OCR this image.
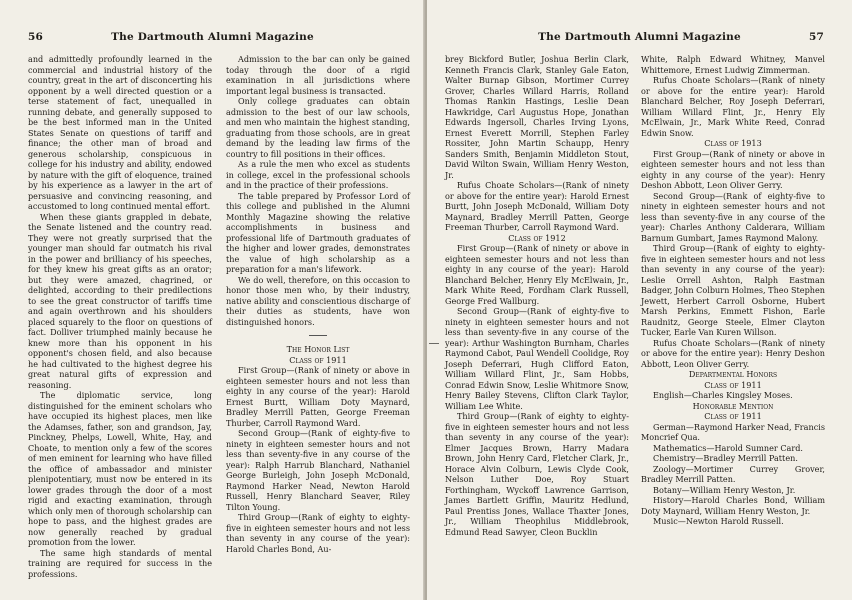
56	The Dartmouth Alumni Magazine

and admittedly profoundly learned in the commercial and industrial history of the country, great in the art of disconcerting his opponent by a well directed question or a terse statement of fact, unequalled in running debate, and generally supposed to be the best informed man in the United States Senate on questions of tariff and finance; the other man of broad and generous scholarship, conspicuous in college for his industry and ability, endowed by nature with the gift of eloquence, trained by his experience as a lawyer in the art of persuasive and convincing reasoning, and accustomed to long continued mental effort.

When these giants grappled in debate, the Senate listened and the country read. They were not greatly surprised that the younger man should far outmatch his rival in the power and brilliancy of his speeches, for they knew his great gifts as an orator; but they were amazed, chagrined, or delighted, according to their predilections to see the great constructor of tariffs time and again overthrown and his shoulders placed squarely to the floor on questions of fact. Dolliver triumphed mainly because he knew more than his opponent in his opponent's chosen field, and also because he had cultivated to the highest degree his great natural gifts of expression and reasoning.

The diplomatic service, long distinguished for the eminent scholars who have occupied its highest places, men like the Adamses, father, son and grandson, Jay, Pinckney, Phelps, Lowell, White, Hay, and Choate, to mention only a few of the scores of men eminent for learning who have filled the office of ambassador and minister plenipotentiary, must now be entered in its lower grades through the door of a most rigid and exacting examination, through which only men of thorough scholarship can hope to pass, and the highest grades are now generally reached by gradual promotion from the lower.

The same high standards of mental training are required for success in the professions.

Admission to the bar can only be gained today through the door of a rigid examination in all jurisdictions where important legal business is transacted.

Only college graduates can obtain admission to the best of our law schools, and men who maintain the highest standing, graduating from those schools, are in great demand by the leading law firms of the country to fill positions in their offices.

As a rule the men who excel as students in college, excel in the professional schools and in the practice of their professions.

The table prepared by Professor Lord of this college and published in the Alumni Monthly Magazine showing the relative accomplishments in business and professional life of Dartmouth graduates of the higher and lower grades, demonstrates the value of high scholarship as a preparation for a man's lifework.

We do well, therefore, on this occasion to honor those men who, by their industry, native ability and conscientious discharge of their duties as students, have won distinguished honors.

The Honor List

Class of 1911

First Group—(Rank of ninety or above in eighteen semester hours and not less than eighty in any course of the year): Harold Ernest Burtt, William Doty Maynard, Bradley Merrill Patten, George Freeman Thurber, Carroll Raymond Ward.

Second Group—(Rank of eighty-five to ninety in eighteen semester hours and not less than seventy-five in any course of the year): Ralph Harrub Blanchard, Nathaniel George Burleigh, John Joseph McDonald, Raymond Harker Nead, Newton Harold Russell, Henry Blanchard Seaver, Riley Tilton Young.

Third Group—(Rank of eighty to eighty-five in eighteen semester hours and not less than seventy in any course of the year): Harold Charles Bond, Au-

The Dartmouth Alumni Magazine	57

brey Bickford Butler, Joshua Berlin Clark, Kenneth Francis Clark, Stanley Gale Eaton, Walter Burnap Gibson, Mortimer Currey Grover, Charles Willard Harris, Rolland Thomas Rankin Hastings, Leslie Dean Hawkridge, Carl Augustus Hope, Jonathan Edwards Ingersoll, Charles Irving Lyons, Ernest Everett Morrill, Stephen Farley Rossiter, John Martin Schaupp, Henry Sanders Smith, Benjamin Middleton Stout, David Wilton Swain, William Henry Weston, Jr.

Rufus Choate Scholars—(Rank of ninety or above for the entire year): Harold Ernest Burtt, John Joseph McDonald, William Doty Maynard, Bradley Merrill Patten, George Freeman Thurber, Carroll Raymond Ward.

Class of 1912

First Group—(Rank of ninety or above in eighteen semester hours and not less than eighty in any course of the year): Harold Blanchard Belcher, Henry Ely McElwain, Jr., Mark White Reed, Fordham Clark Russell, George Fred Wallburg.

Second Group—(Rank of eighty-five to ninety in eighteen semester hours and not less than seventy-five in any course of the year): Arthur Washington Burnham, Charles Raymond Cabot, Paul Wendell Coolidge, Roy Joseph Deferrari, Hugh Clifford Eaton, William Willard Flint, Jr., Sam Hobbs, Conrad Edwin Snow, Leslie Whitmore Snow, Henry Bailey Stevens, Clifton Clark Taylor, William Lee White.

Third Group—(Rank of eighty to eighty-five in eighteen semester hours and not less than seventy in any course of the year): Elmer Jacques Brown, Harry Madara Brown, John Henry Card, Fletcher Clark, Jr., Horace Alvin Colburn, Lewis Clyde Cook, Nelson Luther Doe, Roy Stuart Forthingham, Wyckoff Lawrence Garrison, James Bartlett Griffin, Mauritz Hedlund, Paul Prentiss Jones, Wallace Thaxter Jones, Jr., William Theophilus Middlebrook, Edmund Read Sawyer, Cleon Bucklin

White, Ralph Edward Whitney, Manvel Whittemore, Ernest Ludwig Zimmerman.

Rufus Choate Scholars—(Rank of ninety or above for the entire year): Harold Blanchard Belcher, Roy Joseph Deferrari, William Willard Flint, Jr., Henry Ely McElwain, Jr., Mark White Reed, Conrad Edwin Snow.

Class of 1913

First Group—(Rank of ninety or above in eighteen semester hours and not less than eighty in any course of the year): Henry Deshon Abbott, Leon Oliver Gerry.

Second Group—(Rank of eighty-five to ninety in eighteen semester hours and not less than seventy-five in any course of the year): Charles Anthony Calderara, William Barnum Gumbart, James Raymond Malony.

Third Group—(Rank of eighty to eighty-five in eighteen semester hours and not less than seventy in any course of the year): Leslie Orrell Ashton, Ralph Eastman Badger, John Colburn Holmes, Theo Stephen Jewett, Herbert Carroll Osborne, Hubert Marsh Perkins, Emmett Fishon, Earle Raudnitz, George Steele, Elmer Clayton Tucker, Earle Van Kuren Willson.

Rufus Choate Scholars—(Rank of ninety or above for the entire year): Henry Deshon Abbott, Leon Oliver Gerry.

Departmental Honors

Class of 1911

English—Charles Kingsley Moses.

Honorable Mention

Class of 1911

German—Raymond Harker Nead, Francis Moncrief Qua.

Mathematics—Harold Sumner Card.

Chemistry—Bradley Merrill Patten.

Zoology—Mortimer Currey Grover, Bradley Merrill Patten.

Botany—William Henry Weston, Jr.

History—Harold Charles Bond, William Doty Maynard, William Henry Weston, Jr.

Music—Newton Harold Russell.
